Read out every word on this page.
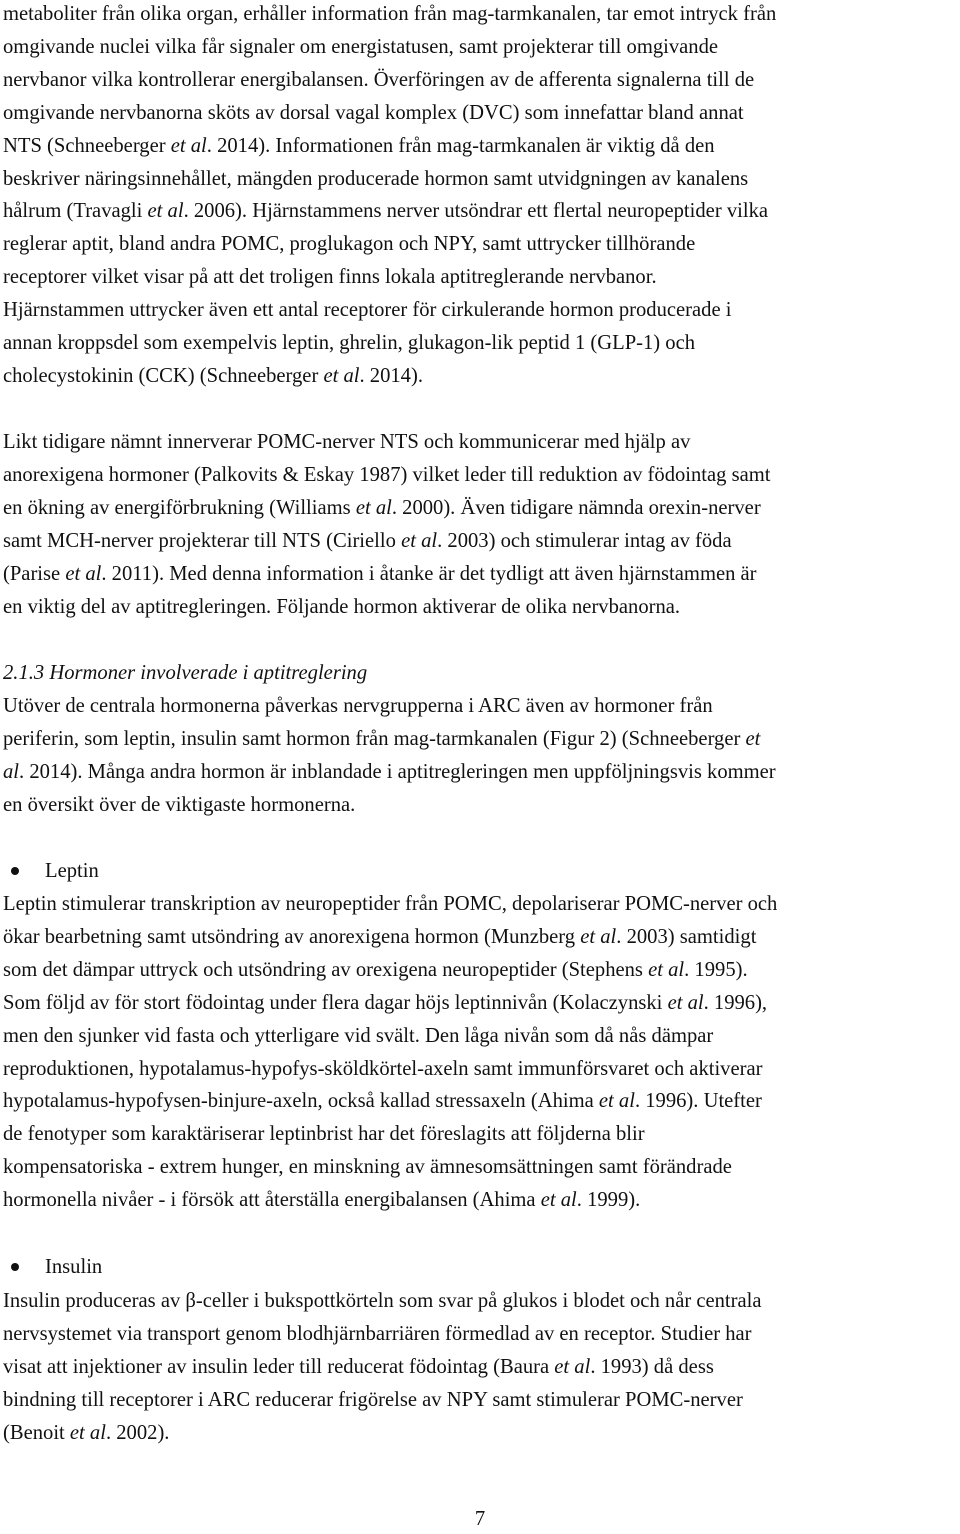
metaboliter från olika organ, erhåller information från mag-tarmkanalen, tar emot intryck från
omgivande nuclei vilka får signaler om energistatusen, samt projekterar till omgivande
nervbanor vilka kontrollerar energibalansen. Överföringen av de afferenta signalerna till de
omgivande nervbanorna sköts av dorsal vagal komplex (DVC) som innefattar bland annat
NTS (Schneeberger et al. 2014). Informationen från mag-tarmkanalen är viktig då den
beskriver näringsinnehållet, mängden producerade hormon samt utvidgningen av kanalens
hålrum (Travagli et al. 2006). Hjärnstammens nerver utsöndrar ett flertal neuropeptider vilka
reglerar aptit, bland andra POMC, proglukagon och NPY, samt uttrycker tillhörande
receptorer vilket visar på att det troligen finns lokala aptitreglerande nervbanor.
Hjärnstammen uttrycker även ett antal receptorer för cirkulerande hormon producerade i
annan kroppsdel som exempelvis leptin, ghrelin, glukagon-lik peptid 1 (GLP-1) och
cholecystokinin (CCK) (Schneeberger et al. 2014).
Likt tidigare nämnt innerverar POMC-nerver NTS och kommunicerar med hjälp av
anorexigena hormoner (Palkovits & Eskay 1987) vilket leder till reduktion av födointag samt
en ökning av energiförbrukning (Williams et al. 2000). Även tidigare nämnda orexin-nerver
samt MCH-nerver projekterar till NTS (Ciriello et al. 2003) och stimulerar intag av föda
(Parise et al. 2011). Med denna information i åtanke är det tydligt att även hjärnstammen är
en viktig del av aptitregleringen. Följande hormon aktiverar de olika nervbanorna.
2.1.3 Hormoner involverade i aptitreglering
Utöver de centrala hormonerna påverkas nervgrupperna i ARC även av hormoner från
periferin, som leptin, insulin samt hormon från mag-tarmkanalen (Figur 2) (Schneeberger et
al. 2014). Många andra hormon är inblandade i aptitregleringen men uppföljningsvis kommer
en översikt över de viktigaste hormonerna.
Leptin
Leptin stimulerar transkription av neuropeptider från POMC, depolariserar POMC-nerver och
ökar bearbetning samt utsöndring av anorexigena hormon (Munzberg et al. 2003) samtidigt
som det dämpar uttryck och utsöndring av orexigena neuropeptider (Stephens et al. 1995).
Som följd av för stort födointag under flera dagar höjs leptinnivån (Kolaczynski et al. 1996),
men den sjunker vid fasta och ytterligare vid svält. Den låga nivån som då nås dämpar
reproduktionen, hypotalamus-hypofys-sköldkörtel-axeln samt immunförsvaret och aktiverar
hypotalamus-hypofysen-binjure-axeln, också kallad stressaxeln (Ahima et al. 1996). Utefter
de fenotyper som karaktäriserar leptinbrist har det föreslagits att följderna blir
kompensatoriska - extrem hunger, en minskning av ämnesomsättningen samt förändrade
hormonella nivåer - i försök att återställa energibalansen (Ahima et al. 1999).
Insulin
Insulin produceras av β-celler i bukspottkörteln som svar på glukos i blodet och når centrala
nervsystemet via transport genom blodhjärnbarriären förmedlad av en receptor. Studier har
visat att injektioner av insulin leder till reducerat födointag (Baura et al. 1993) då dess
bindning till receptorer i ARC reducerar frigörelse av NPY samt stimulerar POMC-nerver
(Benoit et al. 2002).
7
